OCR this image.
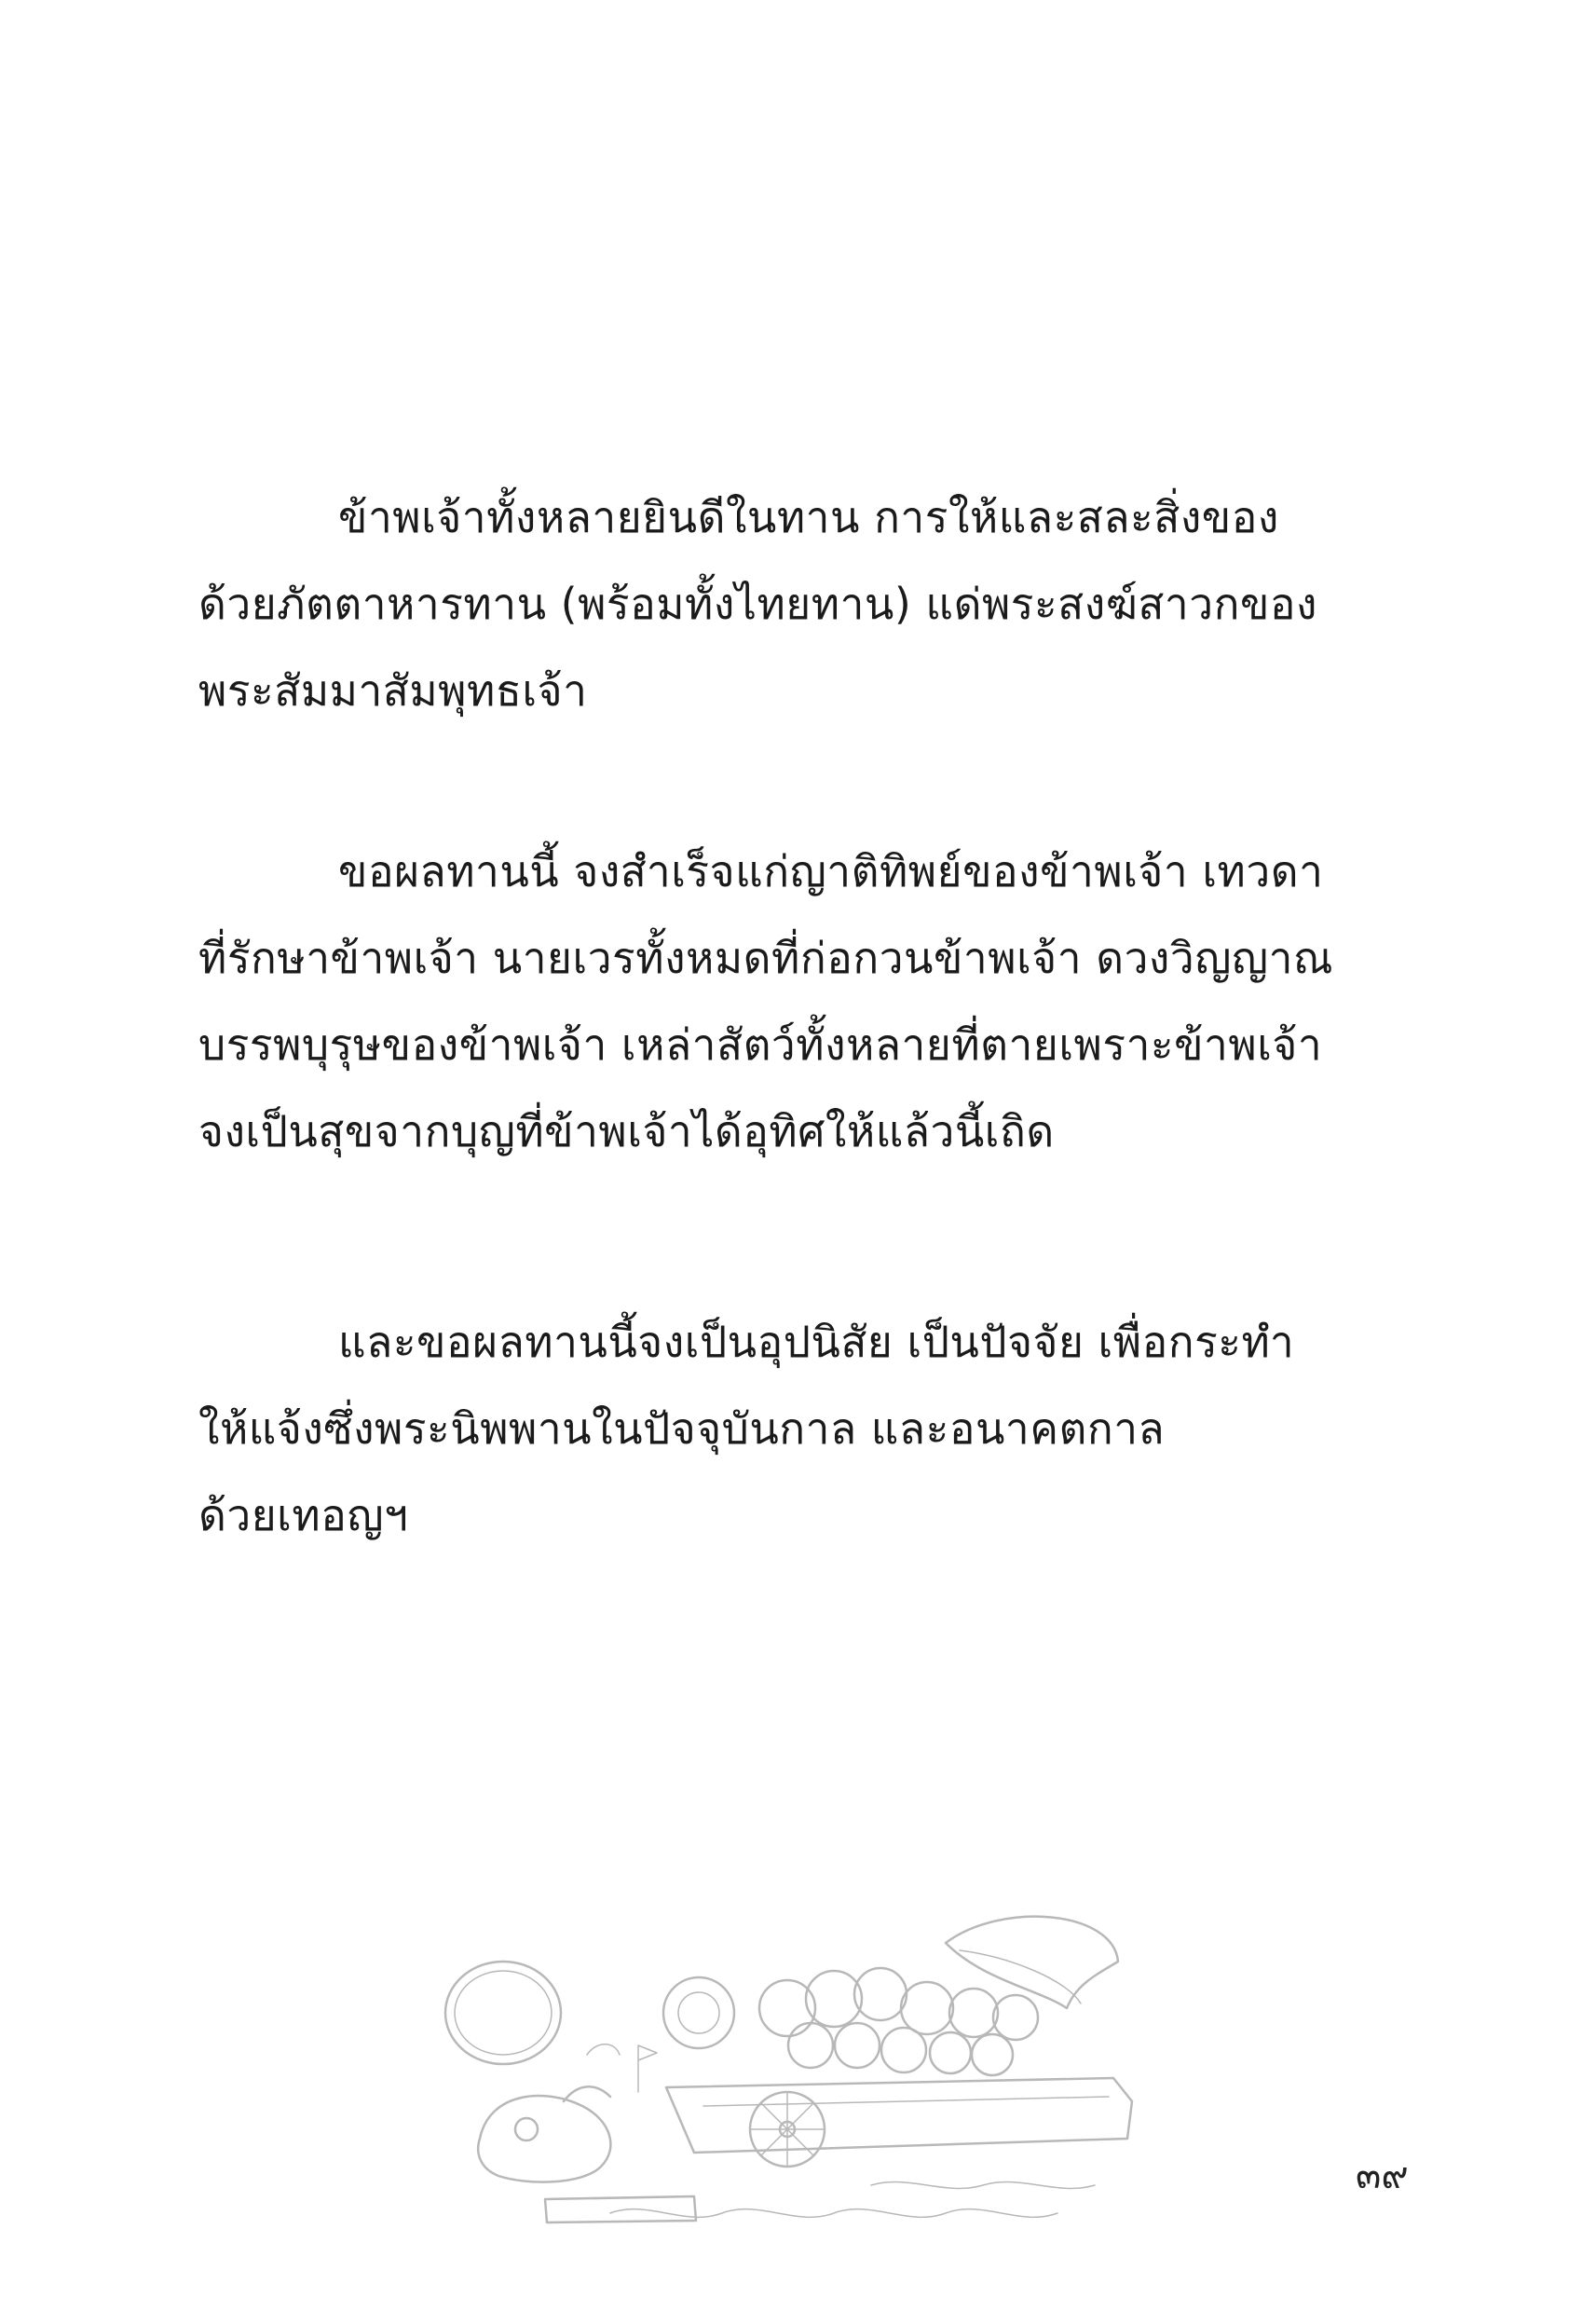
ข้าพเจ้าทั้งหลายยินดีในทาน การให้และสละสิ่งของ
ด้วยภัตตาหารทาน (พร้อมทั้งไทยทาน) แด่พระสงฆ์สาวกของ
พระสัมมาสัมพุทธเจ้า
ขอผลทานนี้ จงสำเร็จแก่ญาติทิพย์ของข้าพเจ้า เทวดา
ที่รักษาข้าพเจ้า นายเวรทั้งหมดที่ก่อกวนข้าพเจ้า ดวงวิญญาณ
บรรพบุรุษของข้าพเจ้า เหล่าสัตว์ทั้งหลายที่ตายเพราะข้าพเจ้า
จงเป็นสุขจากบุญที่ข้าพเจ้าได้อุทิศให้แล้วนี้เถิด
และขอผลทานนี้จงเป็นอุปนิสัย เป็นปัจจัย เพื่อกระทำ
ให้แจ้งซึ่งพระนิพพานในปัจจุบันกาล และอนาคตกาล
ด้วยเทอญฯ
๓๙
